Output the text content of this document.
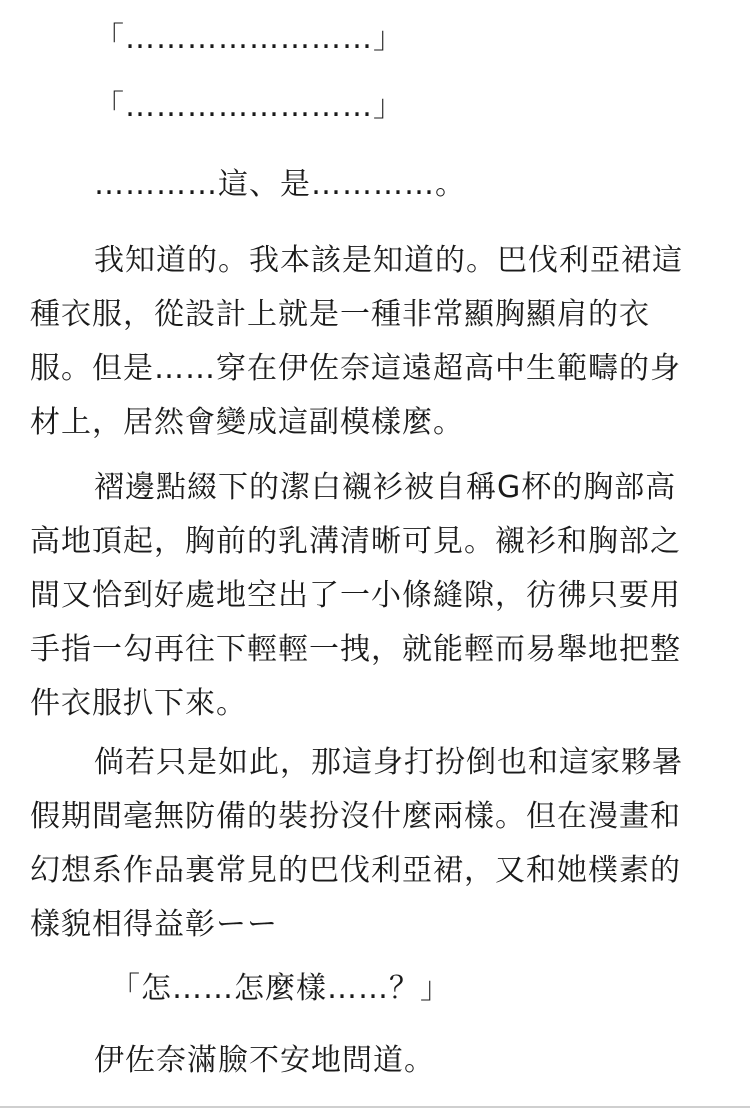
「……………………」

「……………………」

…………這、是…………。

我知道的。我本該是知道的。巴伐利亞裙這
種衣服，從設計上就是一種非常顯胸顯肩的衣
服。但是……穿在伊佐奈這遠超高中生範疇的身
材上，居然會變成這副模樣麼。

褶邊點綴下的潔白襯衫被自稱G杯的胸部高
高地頂起，胸前的乳溝清晰可見。襯衫和胸部之
間又恰到好處地空出了一小條縫隙，彷彿只要用
手指一勾再往下輕輕一拽，就能輕而易舉地把整
件衣服扒下來。

倘若只是如此，那這身打扮倒也和這家夥暑
假期間毫無防備的裝扮沒什麼兩樣。但在漫畫和
幻想系作品裏常見的巴伐利亞裙，又和她樸素的
樣貌相得益彰ーー

「怎……怎麼樣……？」

伊佐奈滿臉不安地問道。
